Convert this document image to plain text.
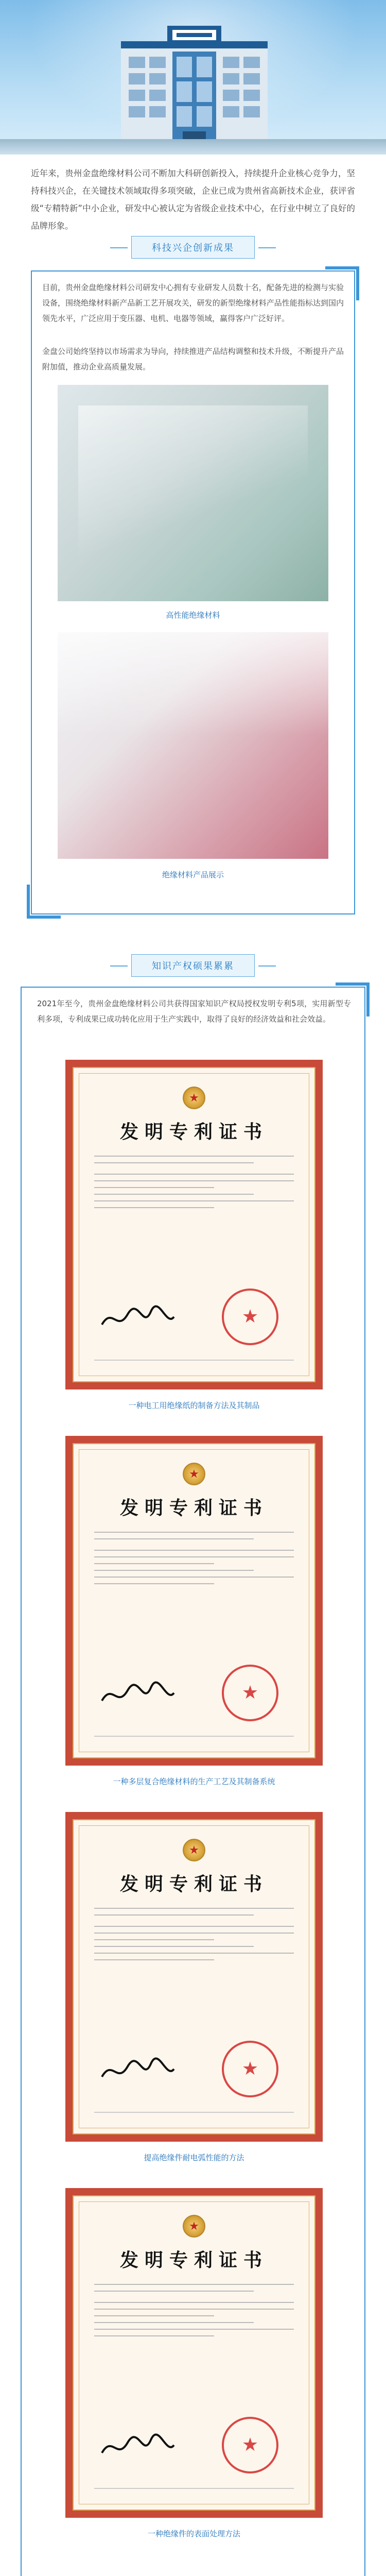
近年来，贵州金盘绝缘材料公司不断加大科研创新投入，持续提升企业核心竞争力，坚持科技兴企，在关键技术领域取得多项突破，企业已成为贵州省高新技术企业，获评省级“专精特新”中小企业，研发中心被认定为省级企业技术中心，在行业中树立了良好的品牌形象。

科技兴企创新成果

目前，贵州金盘绝缘材料公司研发中心拥有专业研发人员数十名，配备先进的检测与实验设备，围绕绝缘材料新产品新工艺开展攻关，研发的新型绝缘材料产品性能指标达到国内领先水平，广泛应用于变压器、电机、电器等领域，赢得客户广泛好评。

金盘公司始终坚持以市场需求为导向，持续推进产品结构调整和技术升级，不断提升产品附加值，推动企业高质量发展。

高性能绝缘材料
绝缘材料产品展示
知识产权硕果累累

2021年至今，贵州金盘绝缘材料公司共获得国家知识产权局授权发明专利5项，实用新型专利多项，专利成果已成功转化应用于生产实践中，取得了良好的经济效益和社会效益。

★
发明专利证书
★
一种电工用绝缘纸的制备方法及其制品
★
发明专利证书
★
一种多层复合绝缘材料的生产工艺及其制备系统
★
发明专利证书
★
提高绝缘件耐电弧性能的方法
★
发明专利证书
★
一种绝缘件的表面处理方法
